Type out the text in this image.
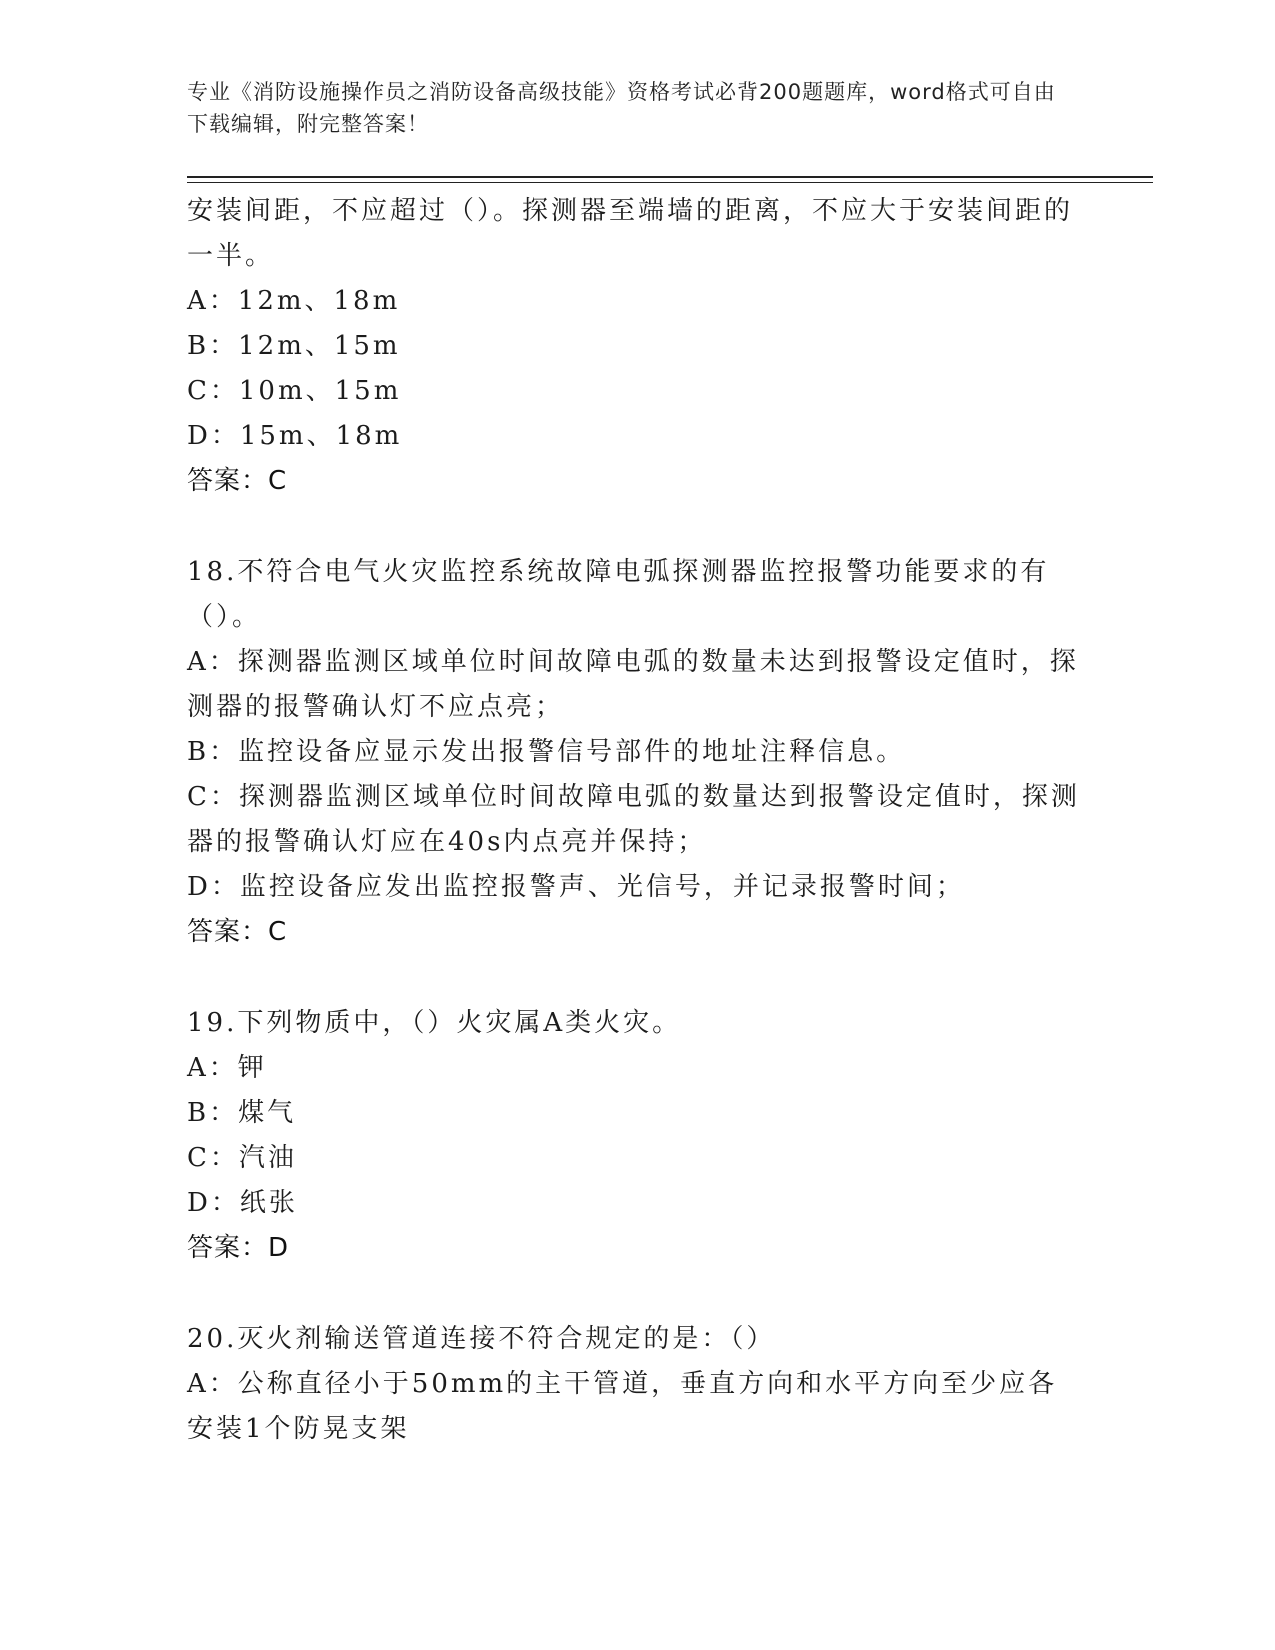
专业《消防设施操作员之消防设备高级技能》资格考试必背200题题库，word格式可自由下载编辑，附完整答案！

安装间距，不应超过（）。探测器至端墙的距离，不应大于安装间距的一半。

A：12m、18m

B：12m、15m

C：10m、15m

D：15m、18m

答案：C

18.不符合电气火灾监控系统故障电弧探测器监控报警功能要求的有（）。

A：探测器监测区域单位时间故障电弧的数量未达到报警设定值时，探测器的报警确认灯不应点亮；

B：监控设备应显示发出报警信号部件的地址注释信息。

C：探测器监测区域单位时间故障电弧的数量达到报警设定值时，探测器的报警确认灯应在40s内点亮并保持；

D：监控设备应发出监控报警声、光信号，并记录报警时间；

答案：C

19.下列物质中，（）火灾属A类火灾。

A：钾

B：煤气

C：汽油

D：纸张

答案：D

20.灭火剂输送管道连接不符合规定的是：（）

A：公称直径小于50mm的主干管道，垂直方向和水平方向至少应各安装1个防晃支架
